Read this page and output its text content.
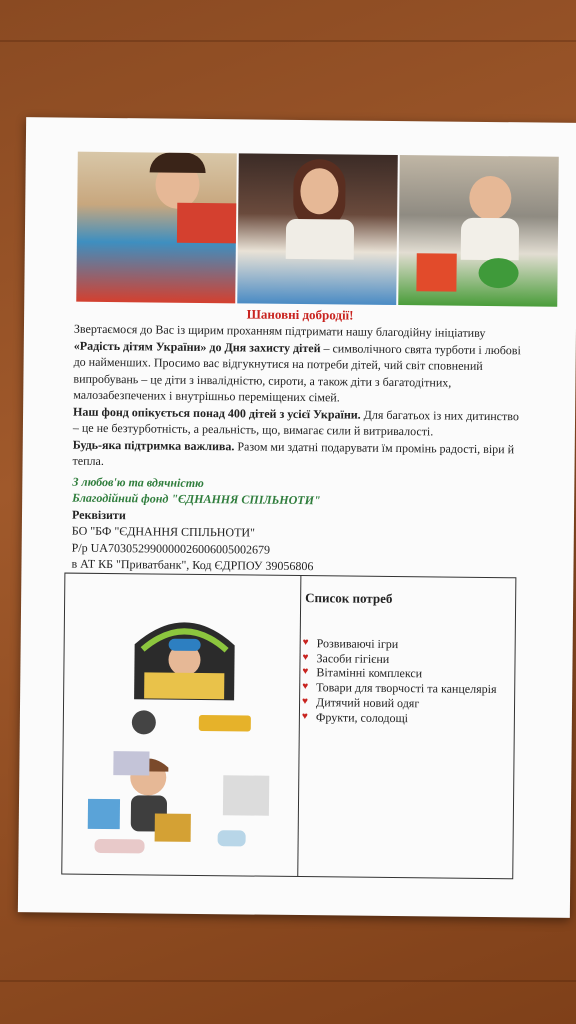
Шановні добродії!

Звертаємося до Вас із щирим проханням підтримати нашу благодійну ініціативу «Радість дітям України» до Дня захисту дітей – символічного свята турботи і любові до найменших. Просимо вас відгукнутися на потреби дітей, чий світ сповнений випробувань – це діти з інвалідністю, сироти, а також діти з багатодітних, малозабезпечених і внутрішньо переміщених сімей.

Наш фонд опікується понад 400 дітей з усієї України. Для багатьох із них дитинство – це не безтурботність, а реальність, що, вимагає сили й витривалості.

Будь-яка підтримка важлива. Разом ми здатні подарувати їм промінь радості, віри й тепла.

З любов'ю та вдячністю

Благодійний фонд "ЄДНАННЯ СПІЛЬНОТИ"

Реквізити

БО "БФ "ЄДНАННЯ СПІЛЬНОТИ"

Р/р UA703052990000026006005002679

в АТ КБ "Приватбанк", Код ЄДРПОУ 39056806

Список потреб
♥ Розвиваючі ігри
♥ Засоби гігієни
♥ Вітамінні комплекси
♥ Товари для творчості та канцелярія
♥ Дитячий новий одяг
♥ Фрукти, солодощі
